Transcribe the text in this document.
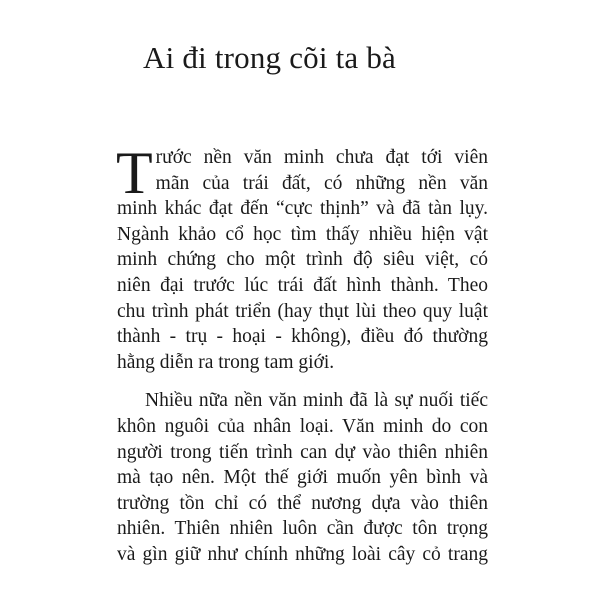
Ai đi trong cõi ta bà
T rước nền văn minh chưa đạt tới viên
mãn của trái đất, có những nền văn
minh khác đạt đến “cực thịnh” và đã tàn lụy.
Ngành khảo cổ học tìm thấy nhiều hiện vật
minh chứng cho một trình độ siêu việt, có
niên đại trước lúc trái đất hình thành. Theo
chu trình phát triển (hay thụt lùi theo quy luật
thành - trụ - hoại - không), điều đó thường
hằng diễn ra trong tam giới.
Nhiều nữa nền văn minh đã là sự nuối tiếc
khôn nguôi của nhân loại. Văn minh do con
người trong tiến trình can dự vào thiên nhiên
mà tạo nên. Một thế giới muốn yên bình và
trường tồn chỉ có thể nương dựa vào thiên
nhiên. Thiên nhiên luôn cần được tôn trọng
và gìn giữ như chính những loài cây cỏ trang
